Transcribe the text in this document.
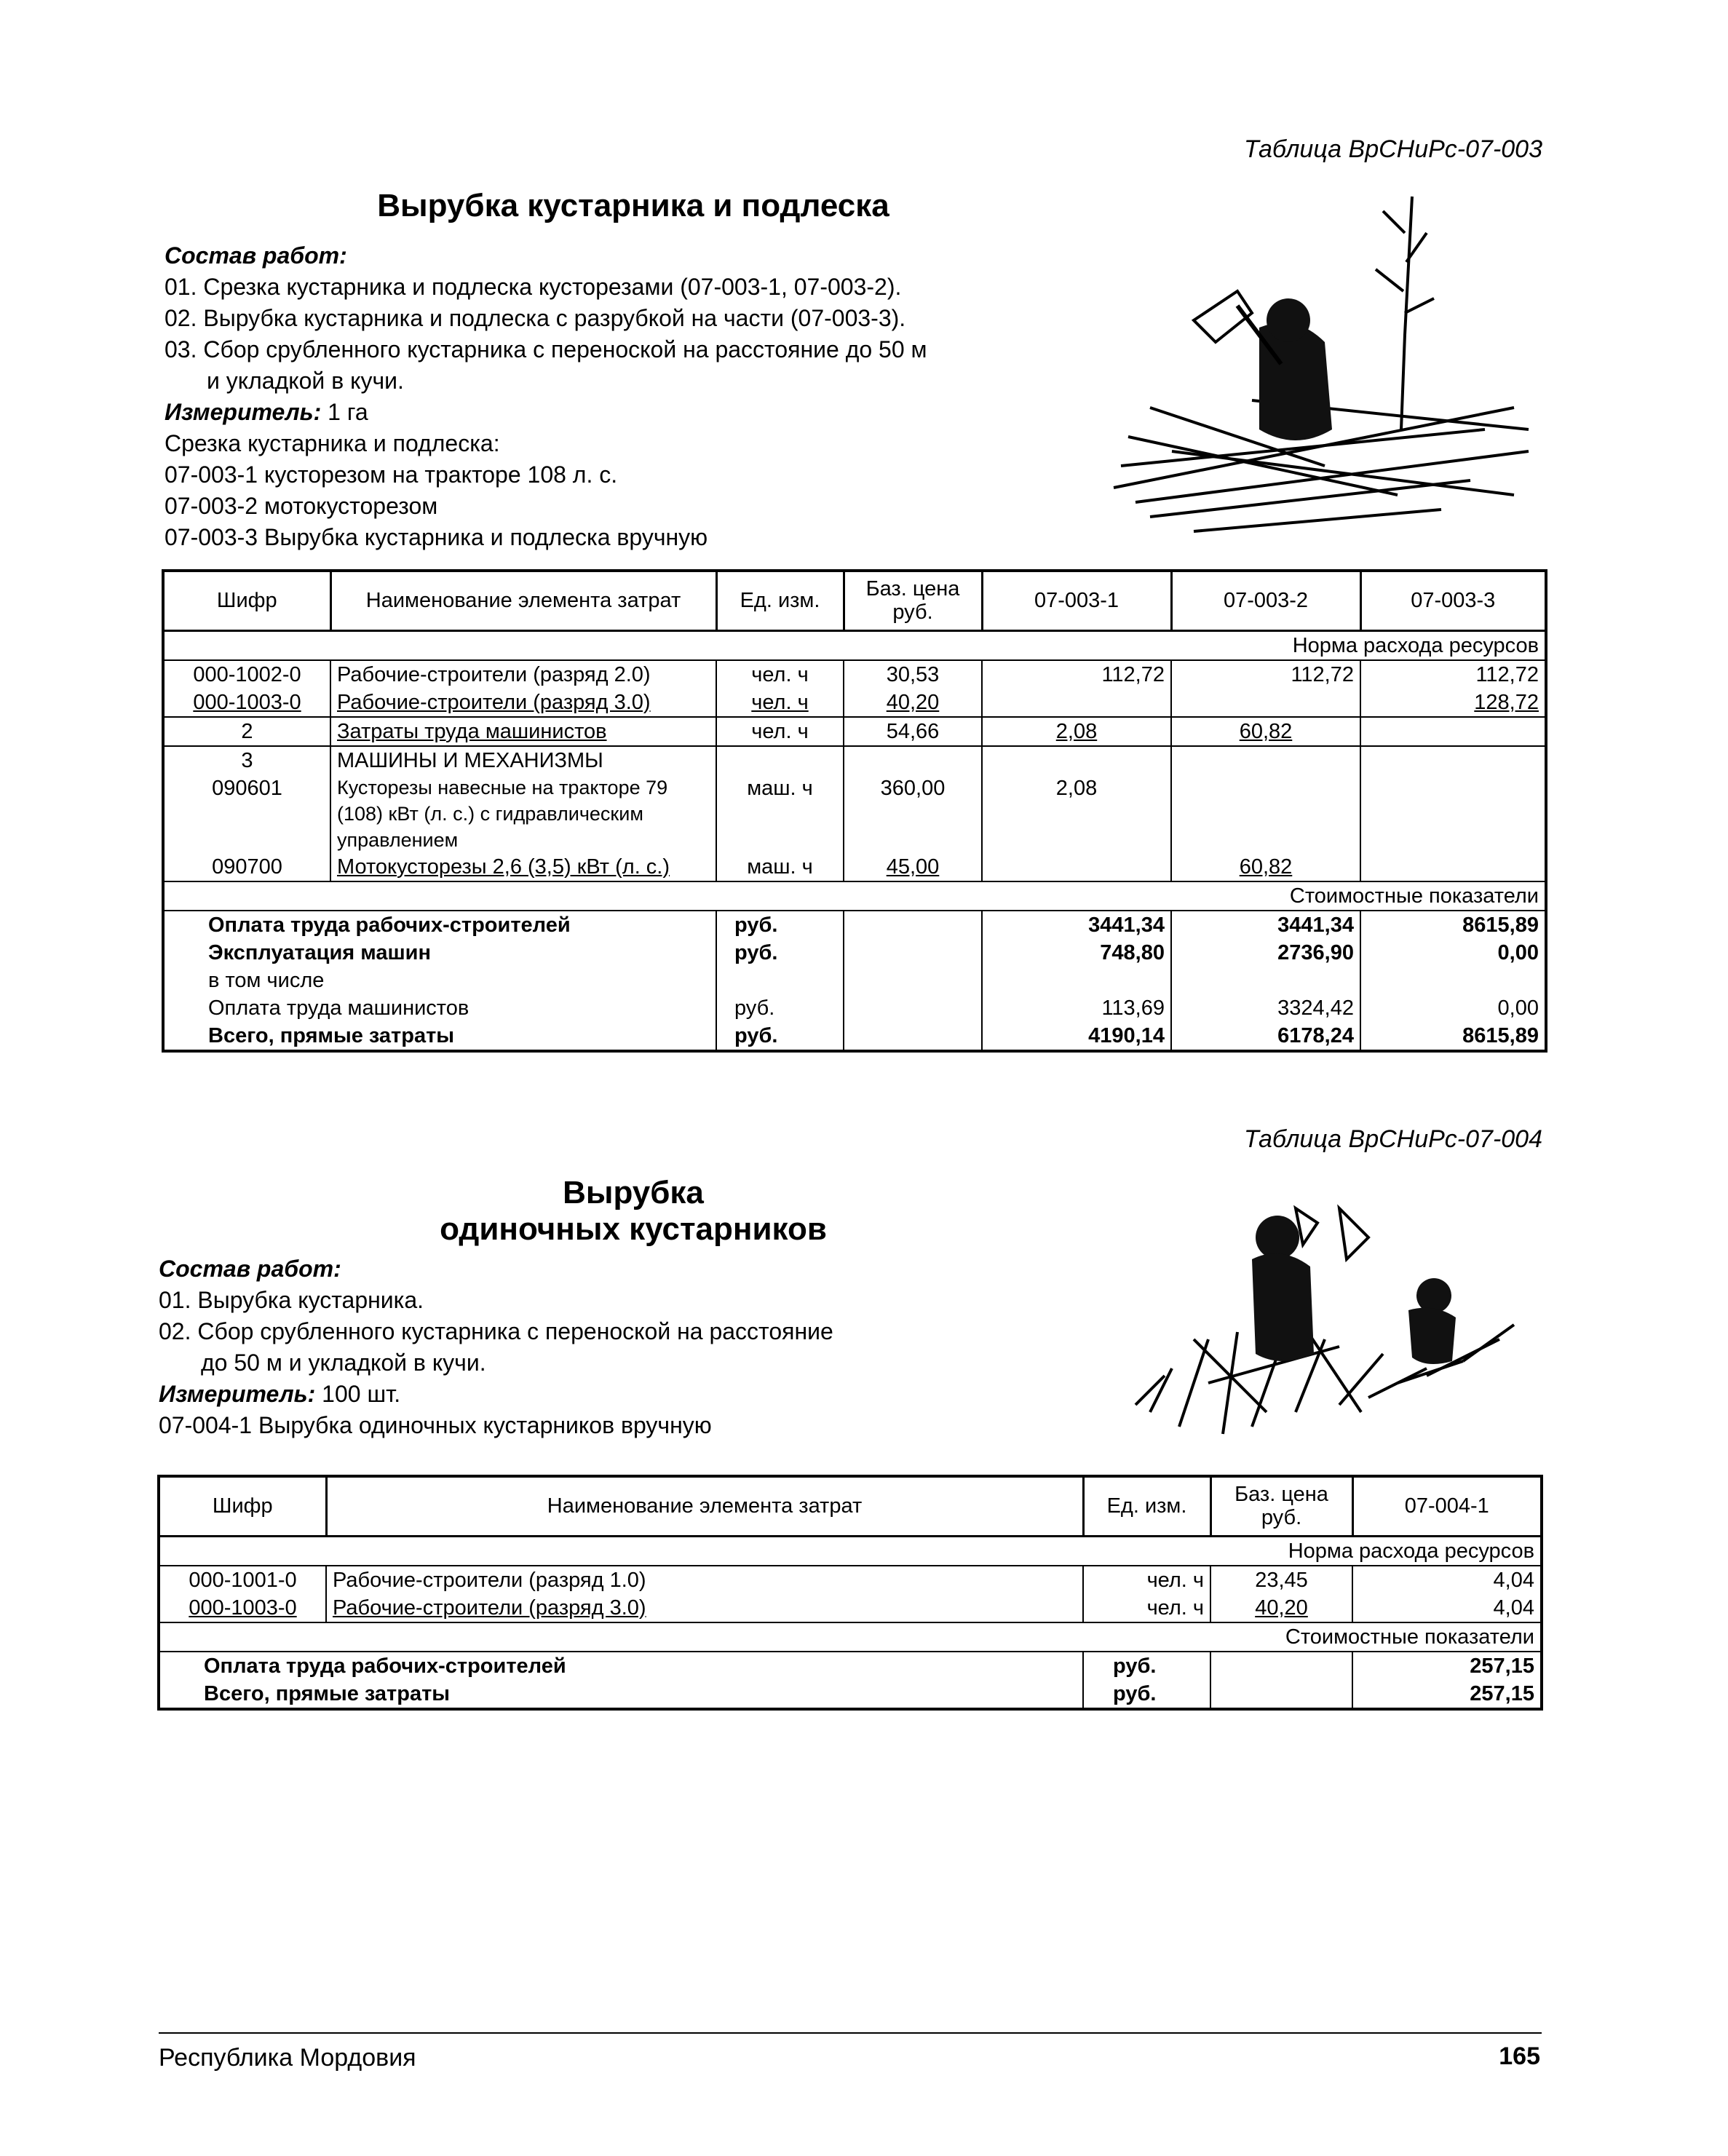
Таблица ВрСНиРс-07-003
Вырубка кустарника и подлеска
Состав работ:
01. Срезка кустарника и подлеска кусторезами (07-003-1, 07-003-2).
02. Вырубка кустарника и подлеска с разрубкой на части (07-003-3).
03. Сбор срубленного кустарника с переноской на расстояние до 50 м
и укладкой в кучи.
Измеритель: 1 га
Срезка кустарника и подлеска:
07-003-1 кусторезом на тракторе 108 л. с.
07-003-2 мотокусторезом
07-003-3 Вырубка кустарника и подлеска вручную
Шифр	Наименование элемента затрат	Ед. изм.	Баз. цена руб.	07-003-1	07-003-2	07-003-3
Норма расхода ресурсов						
000-1002-0	Рабочие-строители (разряд 2.0)	чел. ч	30,53	112,72	112,72	112,72
000-1003-0	Рабочие-строители (разряд 3.0)	чел. ч	40,20			128,72
2	Затраты труда машинистов	чел. ч	54,66	2,08	60,82	
3	МАШИНЫ И МЕХАНИЗМЫ					
090601	Кусторезы навесные на тракторе 79 (108) кВт (л. с.) с гидравлическим управлением	маш. ч	360,00	2,08		
090700	Мотокусторезы 2,6 (3,5) кВт (л. с.)	маш. ч	45,00		60,82	
Стоимостные показатели						
Оплата труда рабочих-строителей		руб.		3441,34	3441,34	8615,89
Эксплуатация машин		руб.		748,80	2736,90	0,00
в том числе						
Оплата труда машинистов		руб.		113,69	3324,42	0,00
Всего, прямые затраты		руб.		4190,14	6178,24	8615,89
Таблица ВрСНиРс-07-004
Вырубка
одиночных кустарников
Состав работ:
01. Вырубка кустарника.
02. Сбор срубленного кустарника с переноской на расстояние
до 50 м и укладкой в кучи.
Измеритель: 100 шт.
07-004-1 Вырубка одиночных кустарников вручную
Шифр	Наименование элемента затрат	Ед. изм.	Баз. цена руб.	07-004-1
Норма расхода ресурсов				
000-1001-0	Рабочие-строители (разряд 1.0)	чел. ч	23,45	4,04
000-1003-0	Рабочие-строители (разряд 3.0)	чел. ч	40,20	4,04
Стоимостные показатели				
Оплата труда рабочих-строителей		руб.		257,15
Всего, прямые затраты		руб.		257,15
Республика Мордовия	165
